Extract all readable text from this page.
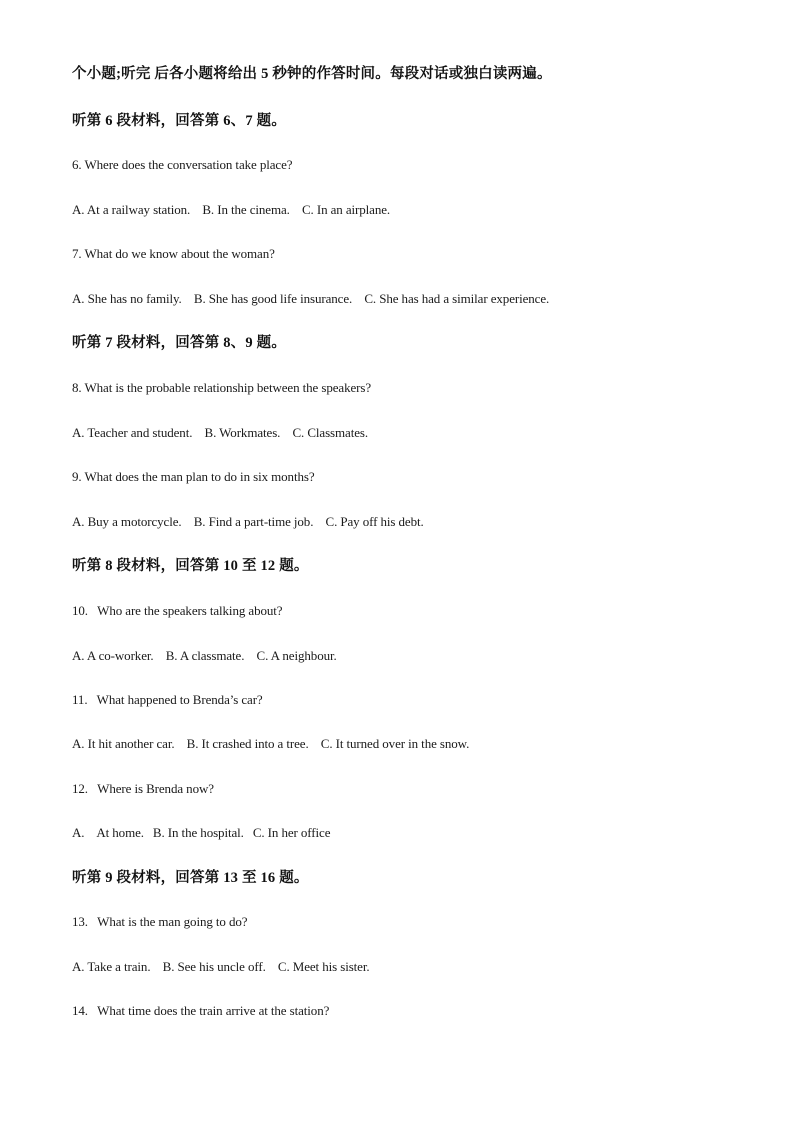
个小题;听完 后各小题将给出 5 秒钟的作答时间。每段对话或独白读两遍。
听第 6 段材料，回答第 6、7 题。
6. Where does the conversation take place?
A. At a railway station. B. In the cinema. C. In an airplane.
7. What do we know about the woman?
A. She has no family. B. She has good life insurance. C. She has had a similar experience.
听第 7 段材料，回答第 8、9 题。
8. What is the probable relationship between the speakers?
A. Teacher and student. B. Workmates. C. Classmates.
9. What does the man plan to do in six months?
A. Buy a motorcycle. B. Find a part-time job. C. Pay off his debt.
听第 8 段材料，回答第 10 至 12 题。
10.   Who are the speakers talking about?
A. A co-worker. B. A classmate. C. A neighbour.
11.   What happened to Brenda’s car?
A. It hit another car. B. It crashed into a tree. C. It turned over in the snow.
12.   Where is Brenda now?
A.    At home. B. In the hospital. C. In her office
听第 9 段材料，回答第 13 至 16 题。
13.   What is the man going to do?
A. Take a train. B. See his uncle off. C. Meet his sister.
14.   What time does the train arrive at the station?
